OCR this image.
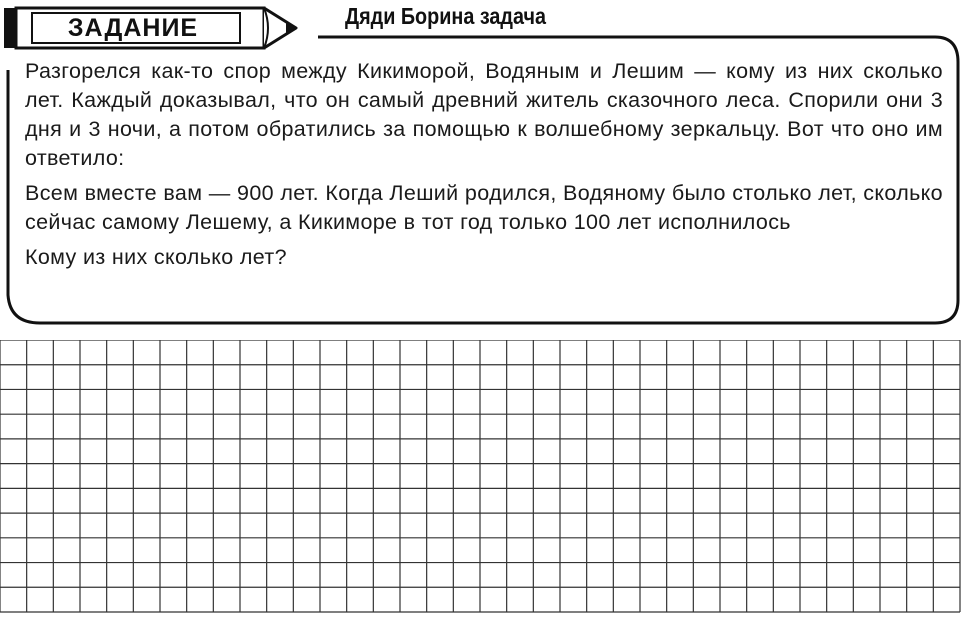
ЗАДАНИЕ	Дяди Борина задача

Разгорелся как-то спор между Кикиморой, Водяным и Лешим — кому из них сколько лет. Каждый доказывал, что он самый древний житель сказочного леса. Спорили они 3 дня и 3 ночи, а потом обратились за помощью к волшебному зеркальцу. Вот что оно им ответило:

Всем вместе вам — 900 лет. Когда Леший родился, Водяному было столько лет, сколько сейчас самому Лешему, а Кикиморе в тот год только 100 лет исполнилось

Кому из них сколько лет?
